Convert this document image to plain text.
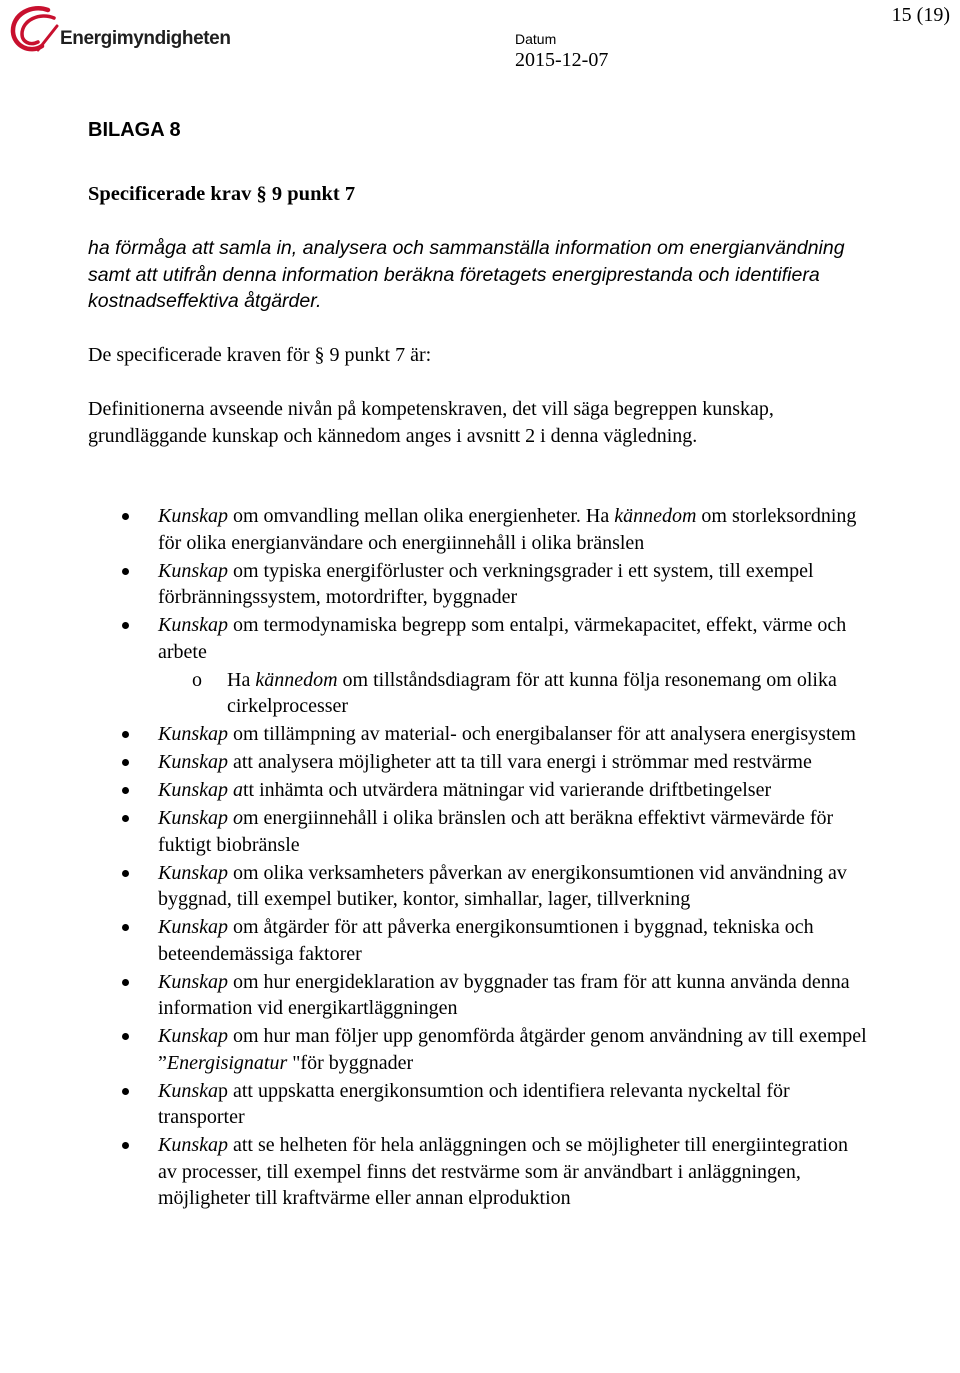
Energimyndigheten
15 (19)
Datum
2015-12-07
BILAGA 8
Specificerade krav § 9 punkt 7

ha förmåga att samla in, analysera och sammanställa information om energianvändning samt att utifrån denna information beräkna företagets energiprestanda och identifiera kostnadseffektiva åtgärder.

De specificerade kraven för § 9 punkt 7 är:

Definitionerna avseende nivån på kompetenskraven, det vill säga begreppen kunskap, grundläggande kunskap och kännedom anges i avsnitt 2 i denna vägledning.

Kunskap om omvandling mellan olika energienheter. Ha kännedom om storleksordning för olika energianvändare och energiinnehåll i olika bränslen
Kunskap om typiska energiförluster och verkningsgrader i ett system, till exempel förbränningssystem, motordrifter, byggnader
Kunskap om termodynamiska begrepp som entalpi, värmekapacitet, effekt, värme och arbete
o Ha kännedom om tillståndsdiagram för att kunna följa resonemang om olika cirkelprocesser
Kunskap om tillämpning av material- och energibalanser för att analysera energisystem
Kunskap att analysera möjligheter att ta till vara energi i strömmar med restvärme
Kunskap att inhämta och utvärdera mätningar vid varierande driftbetingelser
Kunskap om energiinnehåll i olika bränslen och att beräkna effektivt värmevärde för fuktigt biobränsle
Kunskap om olika verksamheters påverkan av energikonsumtionen vid användning av byggnad, till exempel butiker, kontor, simhallar, lager, tillverkning
Kunskap om åtgärder för att påverka energikonsumtionen i byggnad, tekniska och beteendemässiga faktorer
Kunskap om hur energideklaration av byggnader tas fram för att kunna använda denna information vid energikartläggningen
Kunskap om hur man följer upp genomförda åtgärder genom användning av till exempel ”Energisignatur "för byggnader
Kunskap att uppskatta energikonsumtion och identifiera relevanta nyckeltal för transporter
Kunskap att se helheten för hela anläggningen och se möjligheter till energiintegration av processer, till exempel finns det restvärme som är användbart i anläggningen, möjligheter till kraftvärme eller annan elproduktion
